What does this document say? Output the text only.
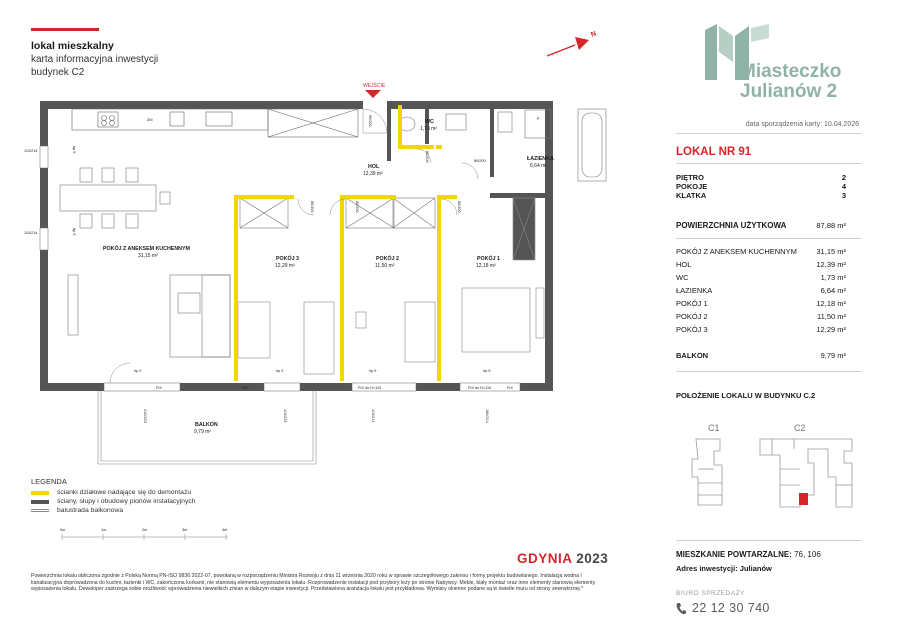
lokal mieszkalny
karta informacyjna inwestycji
budynek C2
N
Miasteczko
Julianów 2
data sporządzenia karty: 10.04.2026
LOKAL NR 91
PIĘTRO	2
POKOJE	4
KLATKA	3
POWIERZCHNIA UŻYTKOWA	87,88 m²
POKÓJ Z ANEKSEM KUCHENNYM	31,15 m²
HOL	12,39 m²
WC	1,73 m²
ŁAZIENKA	6,64 m²
POKÓJ 1	12,18 m²
POKÓJ 2	11,50 m²
POKÓJ 3	12,29 m²
BALKON	9,79 m²
POŁOŻENIE LOKALU W BUDYNKU C.2
C1	C2
MIESZKANIE POWTARZALNE: 76, 106
Adres inwestycji: Julianów
BIURO SPRZEDAŻY
22 12 30 740
GDYNIA 2023
LEGENDA
ścianki działowe nadające się do demontażu
ściany, słupy i obudowy pionów instalacyjnych
balustrada balkonowa
0m	1m	2m	3m	4m
Powierzchnia lokalu obliczona zgodnie z Polską Normą PN-ISO 9836:2022-07, powołaną w rozporządzeniu Ministra Rozwoju z dnia 11 września 2020 roku w sprawie szczegółowego zakresu i formy projektu budowlanego. Instalacja wodna i kanalizacyjna doprowadzona do kuchni, łazienki i WC, zakończona korkami, nie stanowią elementu wyposażenia lokalu. Rozprowadzenie instalacji pod przybory leży po stronie Nabywcy. Meble, biały montaż oraz inne elementy stanowią elementy wyposażenia lokalu. Deweloper zastrzega sobie możliwość wprowadzenia niewielkich zmian w dalszym etapie inwestycji. Przedstawiona aranżacja lokalu jest przykładowa. Wymiary okienne podane są w świetle muru od strony zewnętrznej.*
ZM	P
WEJŚCIE
HOL
12,39 m²
WC
1,73 m²
ŁAZIENKA
6,64 m²
POKÓJ Z ANEKSEM KUCHENNYM
31,15 m²	POKÓJ 3
12,29 m²
POKÓJ 2
11,50 m²
POKÓJ 1
12,18 m²
BALKON
9,79 m²
90/200
80/200	80/200
80/200	80/200	80/200
110/214
110/214
hp 9
hp 9
hp 0	hp 0	hp 9	hp 9
FIX	FIX	FIX do H=110	FIX do H=110	FIX
210/223	110/223	110/214	180/214
